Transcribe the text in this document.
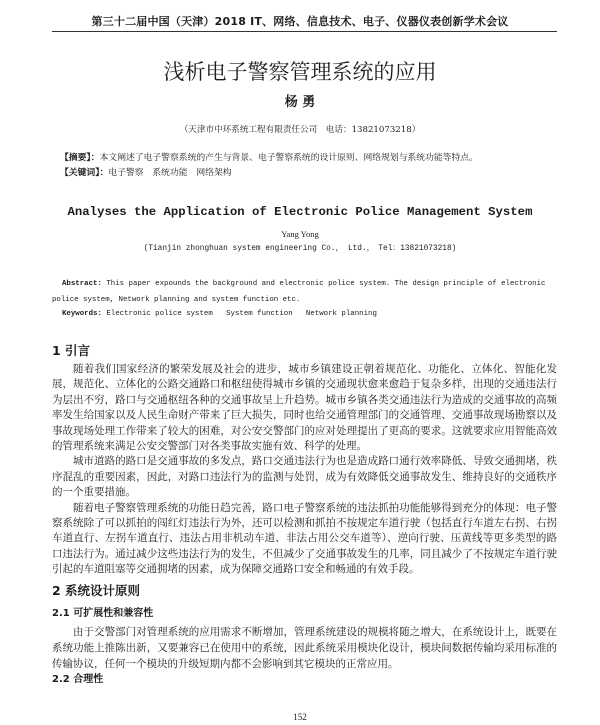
第三十二届中国（天津）2018 IT、网络、信息技术、电子、仪器仪表创新学术会议
浅析电子警察管理系统的应用
杨 勇
（天津市中环系统工程有限责任公司　电话：13821073218）
【摘要】：本文阐述了电子警察系统的产生与背景、电子警察系统的设计原则、网络规划与系统功能等特点。
【关键词】：电子警察　系统功能　网络架构
Analyses the Application of Electronic Police Management System
Yang Yong
(Tianjin zhonghuan system engineering Co.， Ltd.，　Tel：13821073218)
Abstract: This paper expounds the background and electronic police system. The design principle of electronic police system, Network planning and system function etc.
Keywords: Electronic police system   System function   Network planning
1 引言

随着我们国家经济的繁荣发展及社会的进步，城市乡镇建设正朝着规范化、功能化、立体化、智能化发展，规范化、立体化的公路交通路口和枢纽使得城市乡镇的交通现状愈来愈趋于复杂多样，出现的交通违法行为层出不穷，路口与交通枢纽各种的交通事故呈上升趋势。城市乡镇各类交通违法行为造成的交通事故的高频率发生给国家以及人民生命财产带来了巨大损失，同时也给交通管理部门的交通管理、交通事故现场勘察以及事故现场处理工作带来了较大的困难，对公安交警部门的应对处理提出了更高的要求。这就要求应用智能高效的管理系统来满足公安交警部门对各类事故实施有效、科学的处理。

城市道路的路口是交通事故的多发点，路口交通违法行为也是造成路口通行效率降低、导致交通拥堵，秩序混乱的重要因素，因此，对路口违法行为的监测与处罚，成为有效降低交通事故发生、维持良好的交通秩序的一个重要措施。

随着电子警察管理系统的功能日趋完善，路口电子警察系统的违法抓拍功能能够得到充分的体现：电子警察系统除了可以抓拍的闯红灯违法行为外，还可以检测和抓拍不按规定车道行驶（包括直行车道左右拐、右拐车道直行、左拐车道直行、违法占用非机动车道、非法占用公交车道等）、逆向行驶、压黄线等更多类型的路口违法行为。通过减少这些违法行为的发生，不但减少了交通事故发生的几率，同且减少了不按规定车道行驶引起的车道阻塞等交通拥堵的因素，成为保障交通路口安全和畅通的有效手段。

2 系统设计原则
2.1 可扩展性和兼容性

由于交警部门对管理系统的应用需求不断增加，管理系统建设的规模将随之增大，在系统设计上，既要在系统功能上推陈出新，又要兼容已在使用中的系统，因此系统采用模块化设计，模块间数据传输均采用标准的传输协议，任何一个模块的升级短期内都不会影响到其它模块的正常应用。

2.2 合理性
152
